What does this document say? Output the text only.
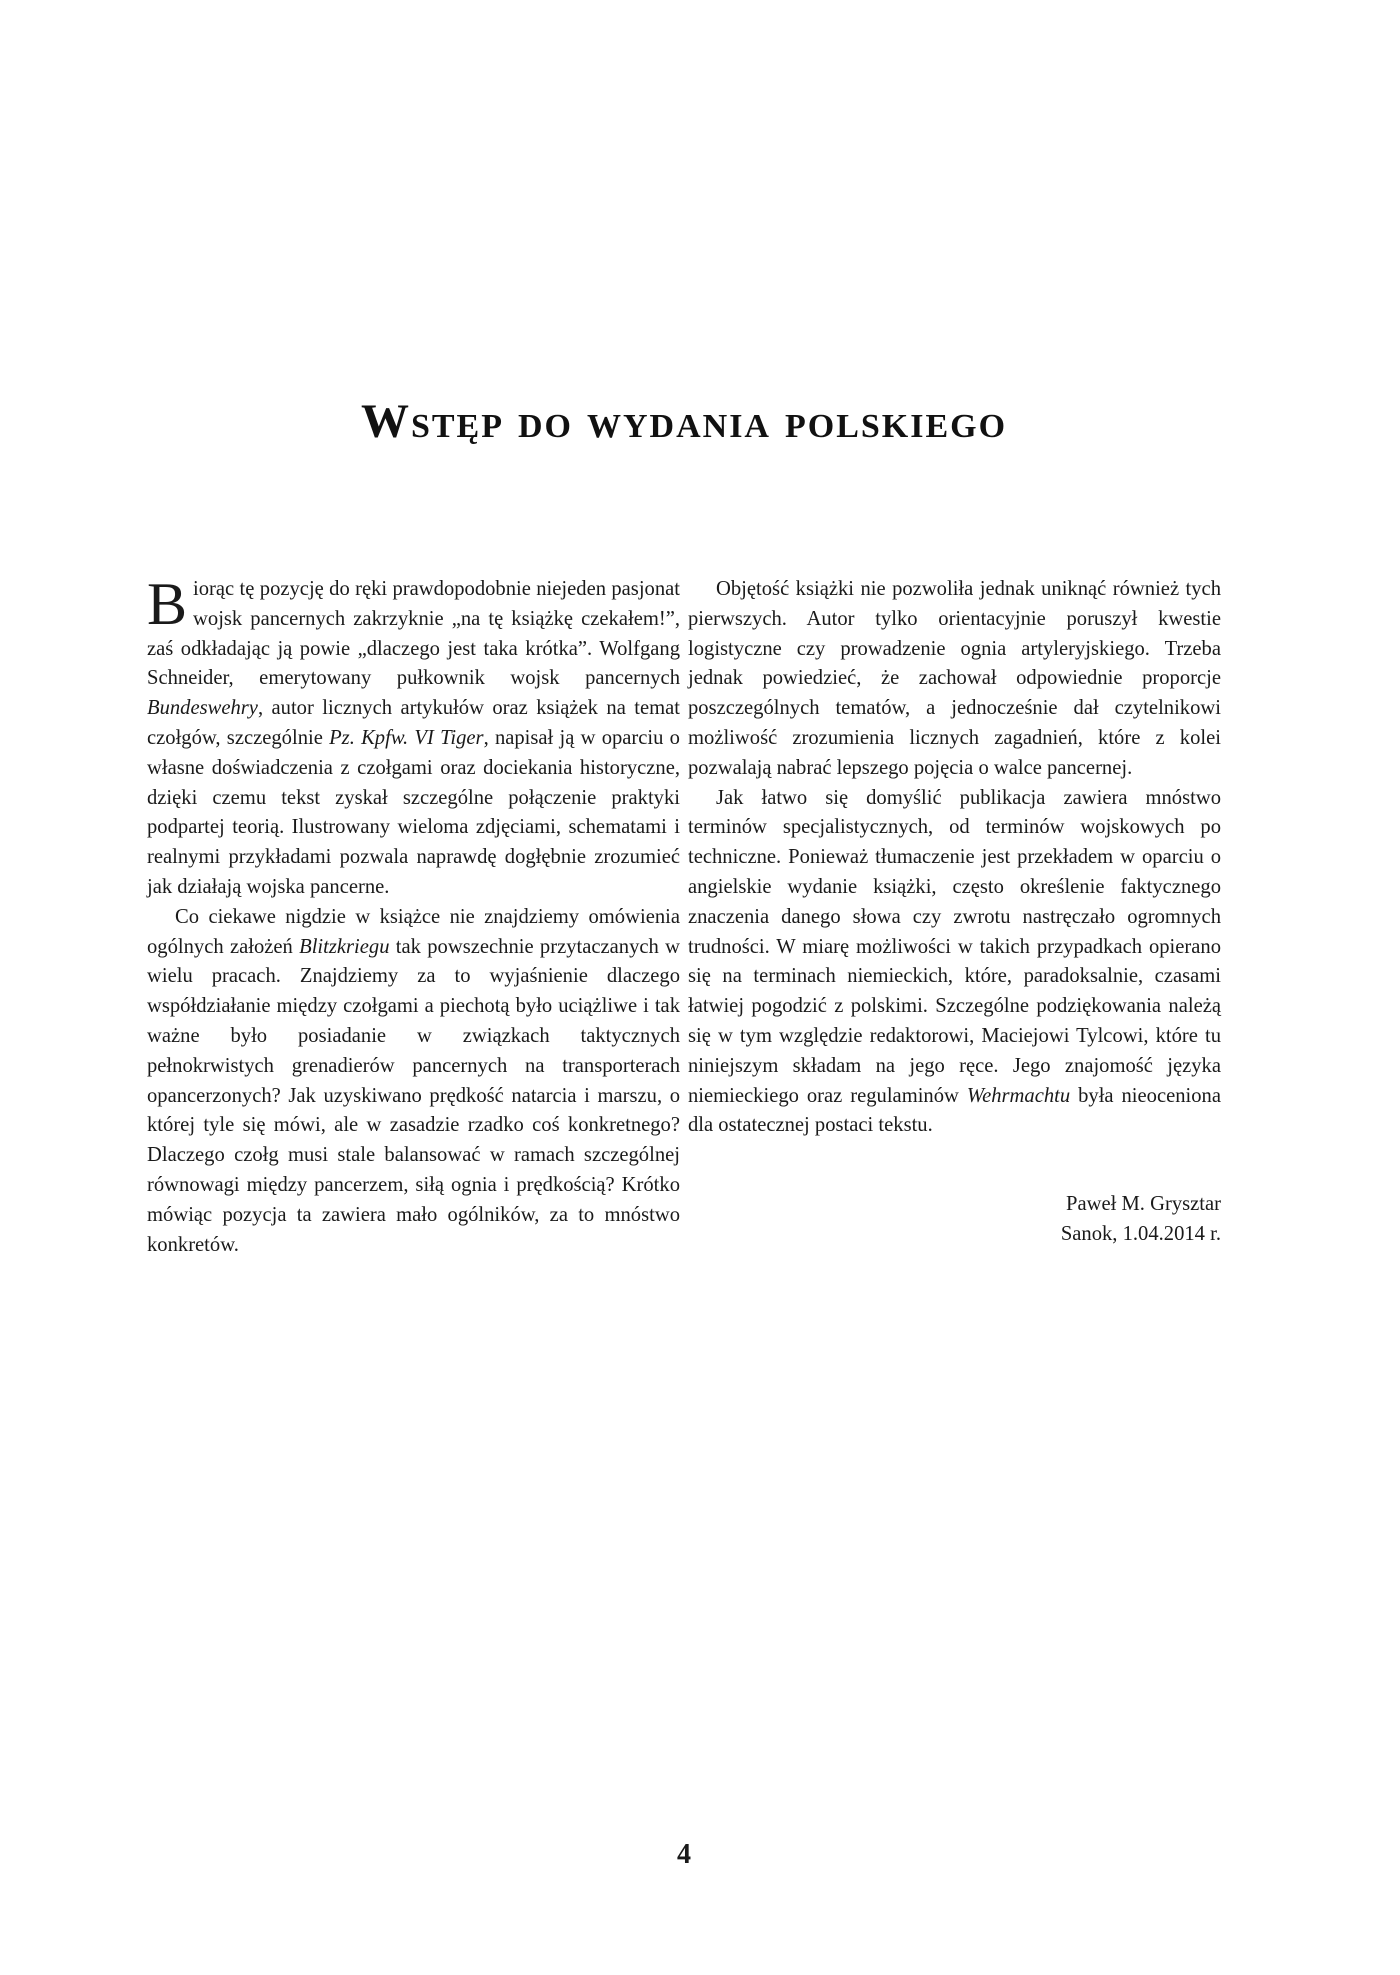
Wstęp do wydania polskiego

Biorąc tę pozycję do ręki prawdopodobnie niejeden pasjonat wojsk pancernych zakrzyknie „na tę książkę czekałem!”, zaś odkładając ją powie „dlaczego jest taka krótka”. Wolfgang Schneider, emerytowany pułkownik wojsk pancernych Bundeswehry, autor licznych artykułów oraz książek na temat czołgów, szczególnie Pz. Kpfw. VI Tiger, napisał ją w oparciu o własne doświadczenia z czołgami oraz dociekania historyczne, dzięki czemu tekst zyskał szczególne połączenie praktyki podpartej teorią. Ilustrowany wieloma zdjęciami, schematami i realnymi przykładami pozwala naprawdę dogłębnie zrozumieć jak działają wojska pancerne.

Co ciekawe nigdzie w książce nie znajdziemy omówienia ogólnych założeń Blitzkriegu tak powszechnie przytaczanych w wielu pracach. Znajdziemy za to wyjaśnienie dlaczego współdziałanie między czołgami a piechotą było uciążliwe i tak ważne było posiadanie w związkach taktycznych pełnokrwistych grenadierów pancernych na transporterach opancerzonych? Jak uzyskiwano prędkość natarcia i marszu, o której tyle się mówi, ale w zasadzie rzadko coś konkretnego? Dlaczego czołg musi stale balansować w ramach szczególnej równowagi między pancerzem, siłą ognia i prędkością? Krótko mówiąc pozycja ta zawiera mało ogólników, za to mnóstwo konkretów.

Objętość książki nie pozwoliła jednak uniknąć również tych pierwszych. Autor tylko orientacyjnie poruszył kwestie logistyczne czy prowadzenie ognia artyleryjskiego. Trzeba jednak powiedzieć, że zachował odpowiednie proporcje poszczególnych tematów, a jednocześnie dał czytelnikowi możliwość zrozumienia licznych zagadnień, które z kolei pozwalają nabrać lepszego pojęcia o walce pancernej.

Jak łatwo się domyślić publikacja zawiera mnóstwo terminów specjalistycznych, od terminów wojskowych po techniczne. Ponieważ tłumaczenie jest przekładem w oparciu o angielskie wydanie książki, często określenie faktycznego znaczenia danego słowa czy zwrotu nastręczało ogromnych trudności. W miarę możliwości w takich przypadkach opierano się na terminach niemieckich, które, paradoksalnie, czasami łatwiej pogodzić z polskimi. Szczególne podziękowania należą się w tym względzie redaktorowi, Maciejowi Tylcowi, które tu niniejszym składam na jego ręce. Jego znajomość języka niemieckiego oraz regulaminów Wehrmachtu była nieoceniona dla ostatecznej postaci tekstu.

Paweł M. Grysztar
Sanok, 1.04.2014 r.
4
